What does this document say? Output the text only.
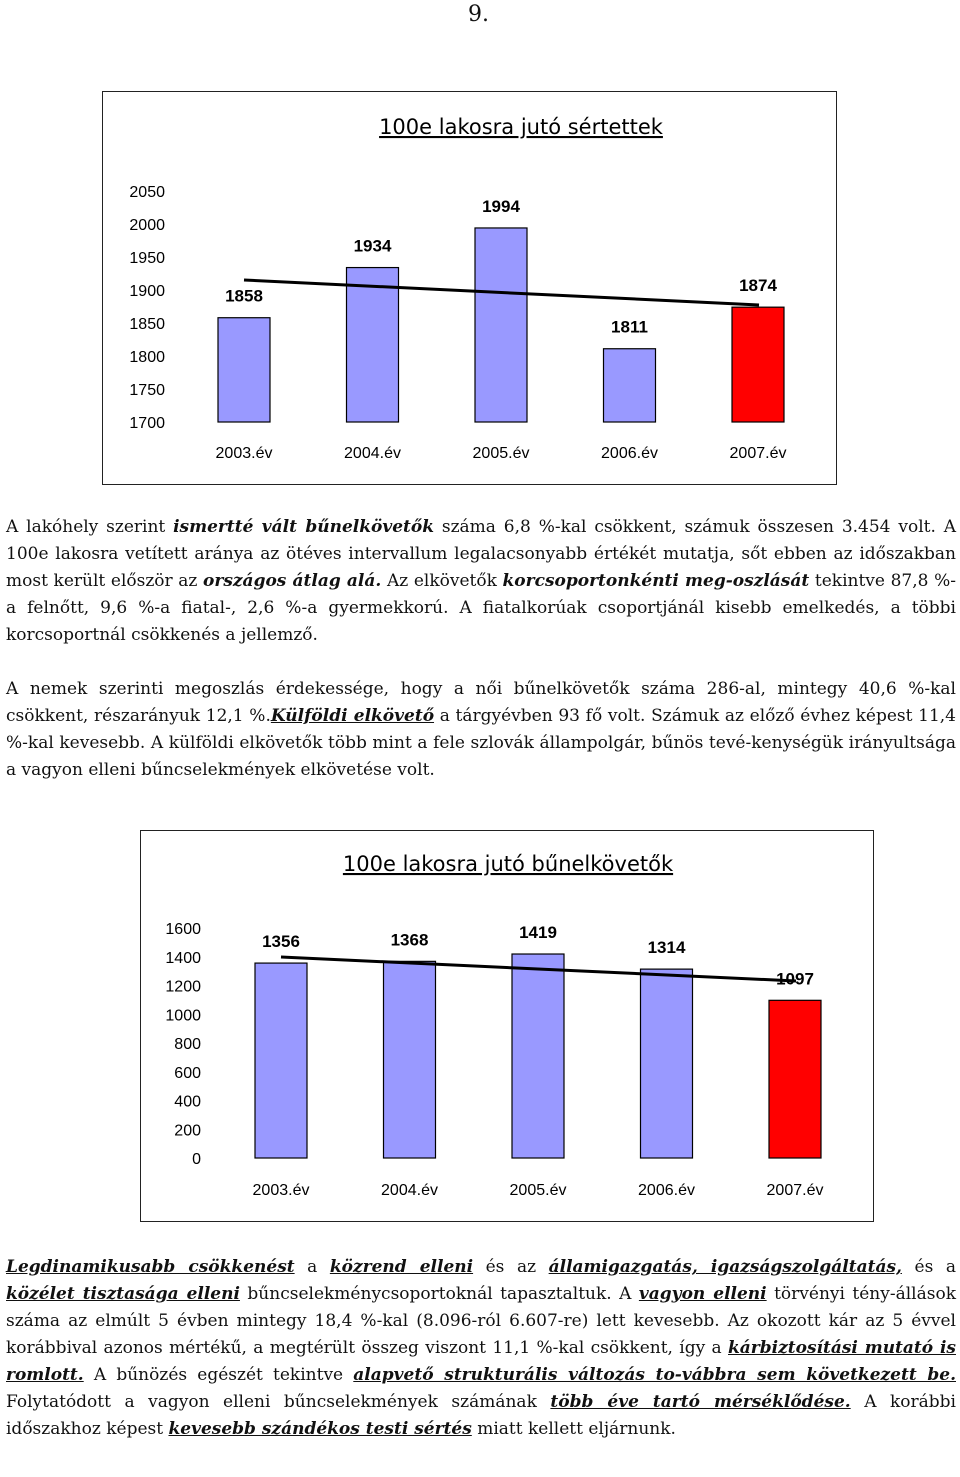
9.
100e lakosra jutó sértettek
2050
2000
1950
1900
1850
1800
1750
1700
1858
1934
1994
1811
1874
2003.év	2004.év	2005.év	2006.év	2007.év
100e lakosra jutó bűnelkövetők
1600
1400
1200
1000
800
600
400
200
0
1356	1368	1419
1314
1097
2003.év	2004.év	2005.év	2006.év	2007.év
A lakóhely szerint ismertté vált bűnelkövetők száma 6,8 %-kal csökkent, számuk összesen 3.454 volt. A 100e lakosra vetített aránya az ötéves intervallum legalacsonyabb értékét mutatja, sőt ebben az időszakban most került először az országos átlag alá. Az elkövetők korcsoportonkénti meg-oszlását tekintve 87,8 %-a felnőtt, 9,6 %-a fiatal-, 2,6 %-a gyermekkorú. A fiatalkorúak csoportjánál kisebb emelkedés, a többi korcsoportnál csökkenés a jellemző.
A nemek szerinti megoszlás érdekessége, hogy a női bűnelkövetők száma 286-al, mintegy 40,6 %-kal csökkent, részarányuk 12,1 %.Külföldi elkövető a tárgyévben 93 fő volt. Számuk az előző évhez képest 11,4 %-kal kevesebb. A külföldi elkövetők több mint a fele szlovák állampolgár, bűnös tevé-kenységük irányultsága a vagyon elleni bűncselekmények elkövetése volt.
Legdinamikusabb csökkenést a közrend elleni és az államigazgatás, igazságszolgáltatás, és a közélet tisztasága elleni bűncselekménycsoportoknál tapasztaltuk. A vagyon elleni törvényi tény-állások száma az elmúlt 5 évben mintegy 18,4 %-kal (8.096-ról 6.607-re) lett kevesebb. Az okozott kár az 5 évvel korábbival azonos mértékű, a megtérült összeg viszont 11,1 %-kal csökkent, így a kárbiztosítási mutató is romlott. A bűnözés egészét tekintve alapvető strukturális változás to-vábbra sem következett be. Folytatódott a vagyon elleni bűncselekmények számának több éve tartó mérséklődése. A korábbi időszakhoz képest kevesebb szándékos testi sértés miatt kellett eljárnunk.
